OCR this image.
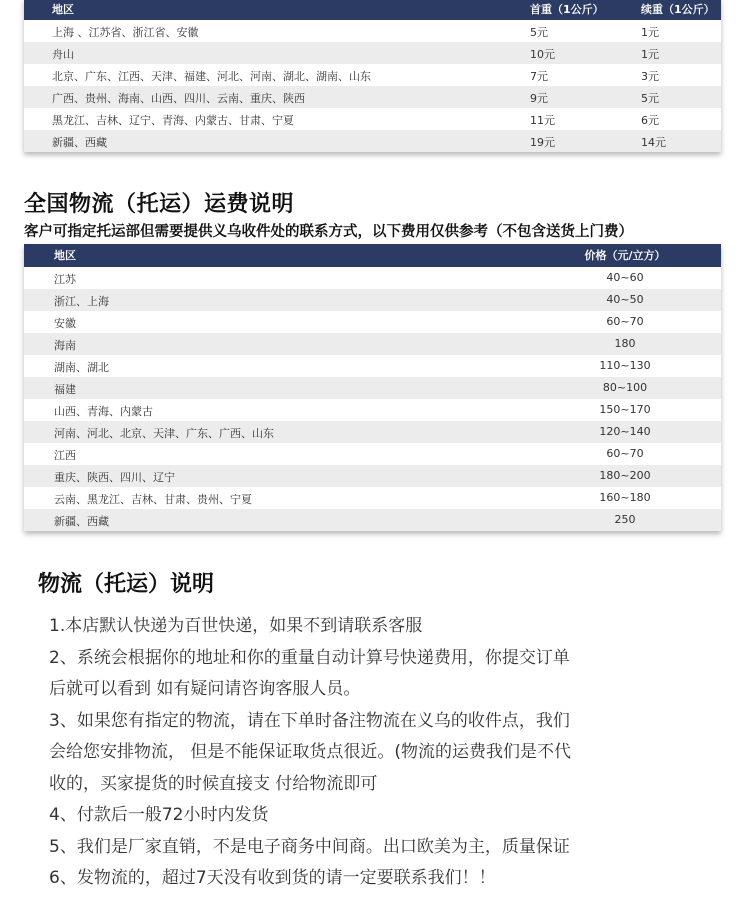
地区	首重（1公斤）	续重（1公斤）
上海 、江苏省、浙江省、安徽	5元	1元
舟山	10元	1元
北京、广东、江西、天津、福建、河北、河南、湖北、湖南、山东	7元	3元
广西、贵州、海南、山西、四川、云南、重庆、陕西	9元	5元
黑龙江、吉林、辽宁、青海、内蒙古、甘肃、宁夏	11元	6元
新疆、西藏	19元	14元
全国物流（托运）运费说明
客户可指定托运部但需要提供义乌收件处的联系方式，以下费用仅供参考（不包含送货上门费）
地区	价格（元/立方）
江苏	40~60
浙江、上海	40~50
安徽	60~70
海南	180
湖南、湖北	110~130
福建	80~100
山西、青海、内蒙古	150~170
河南、河北、北京、天津、广东、广西、山东	120~140
江西	60~70
重庆、陕西、四川、辽宁	180~200
云南、黑龙江、吉林、甘肃、贵州、宁夏	160~180
新疆、西藏	250
物流（托运）说明
1.本店默认快递为百世快递，如果不到请联系客服
2、系统会根据你的地址和你的重量自动计算号快递费用，你提交订单
后就可以看到 如有疑问请咨询客服人员。
3、如果您有指定的物流，请在下单时备注物流在义乌的收件点，我们
会给您安排物流， 但是不能保证取货点很近。(物流的运费我们是不代
收的，买家提货的时候直接支 付给物流即可
4、付款后一般72小时内发货
5、我们是厂家直销，不是电子商务中间商。出口欧美为主，质量保证
6、发物流的，超过7天没有收到货的请一定要联系我们！！
